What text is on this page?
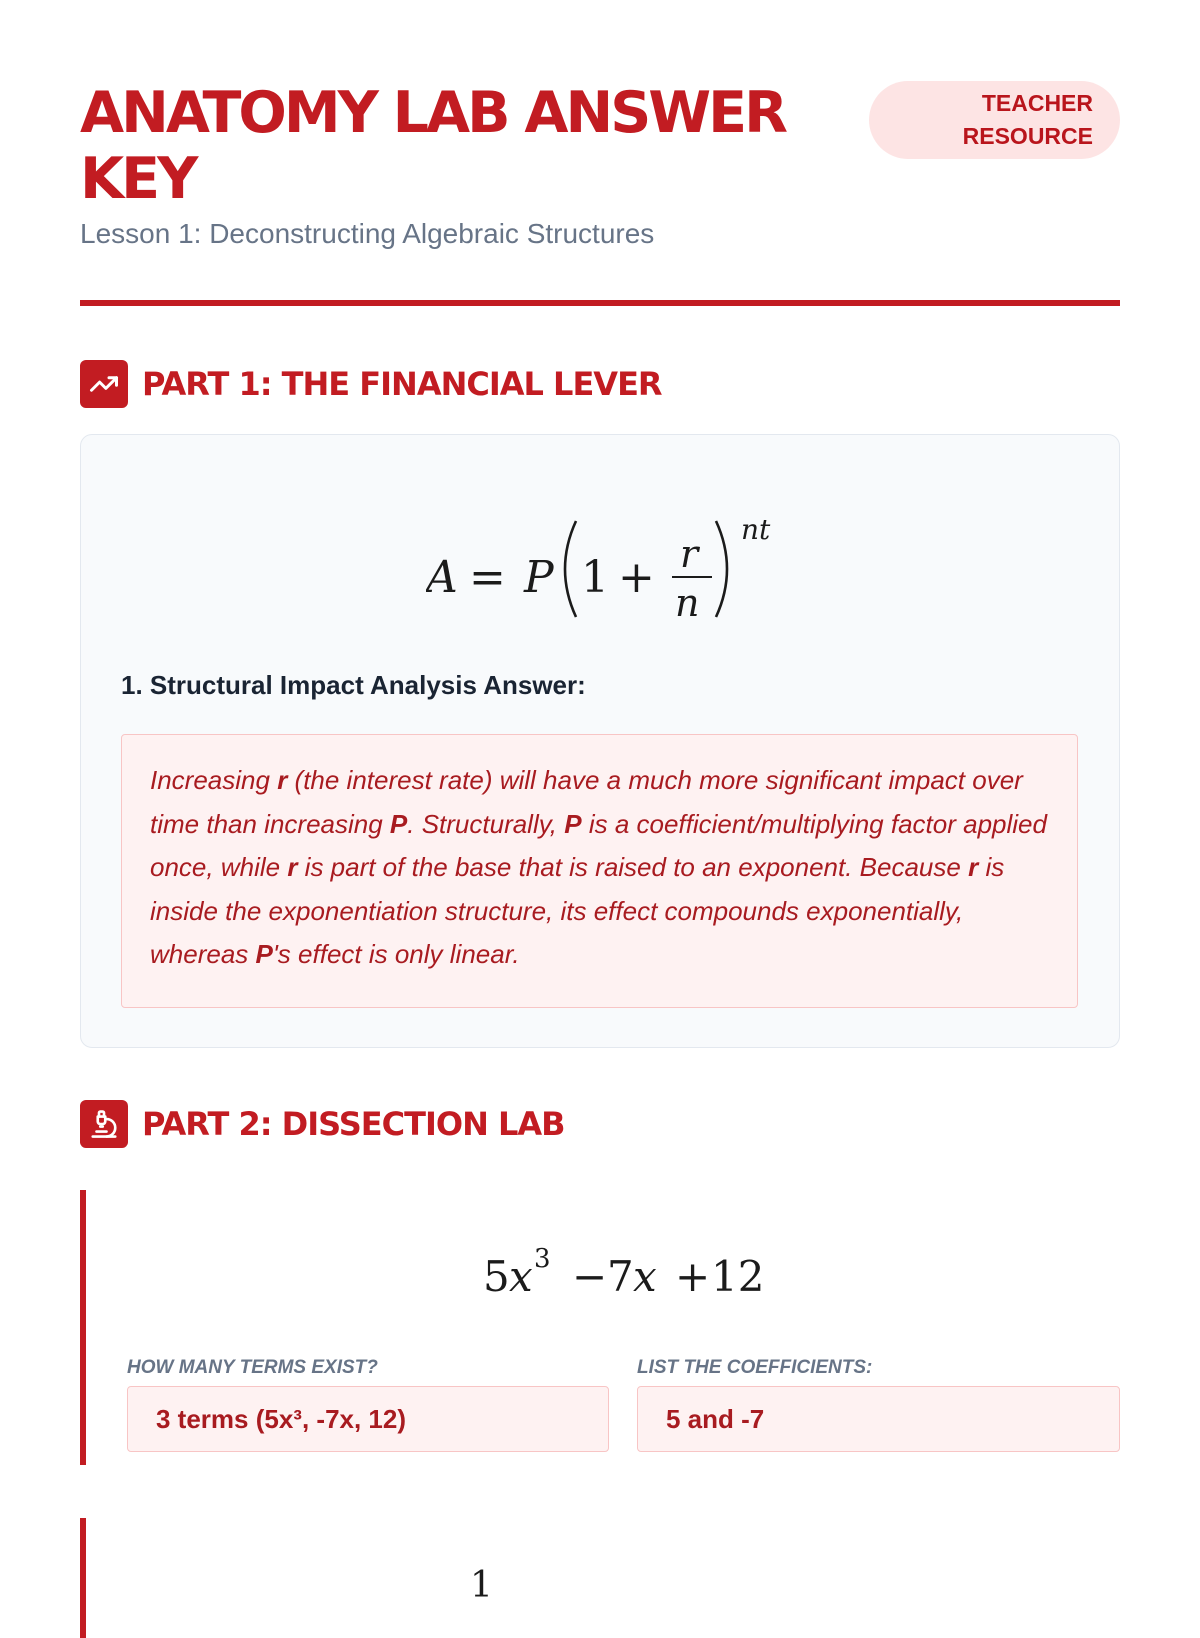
ANATOMY LAB ANSWER KEY
TEACHER
RESOURCE

Lesson 1: Deconstructing Algebraic Structures

PART 1: THE FINANCIAL LEVER
A = P 1 + r
n
nt

1. Structural Impact Analysis Answer:

Increasing r (the interest rate) will have a much more significant impact over time than increasing P. Structurally, P is a coefficient/multiplying factor applied once, while r is part of the base that is raised to an exponent. Because r is inside the exponentiation structure, its effect compounds exponentially, whereas P's effect is only linear.
PART 2: DISSECTION LAB
5 x 3 − 7 x + 12

HOW MANY TERMS EXIST?

3 terms (5x³, -7x, 12)

LIST THE COEFFICIENTS:

5 and -7
1
